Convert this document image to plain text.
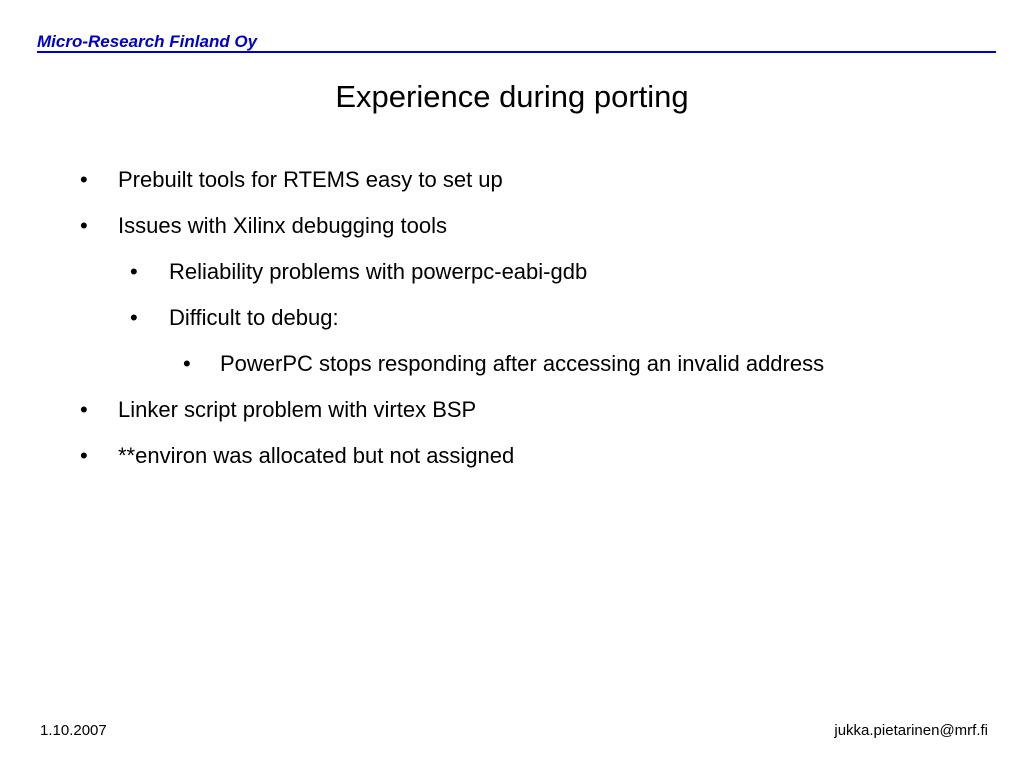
Micro-Research Finland Oy
Experience during porting
• Prebuilt tools for RTEMS easy to set up
• Issues with Xilinx debugging tools
• Reliability problems with powerpc-eabi-gdb
• Difficult to debug:
• PowerPC stops responding after accessing an invalid address
• Linker script problem with virtex BSP
• **environ was allocated but not assigned
1.10.2007	jukka.pietarinen@mrf.fi
